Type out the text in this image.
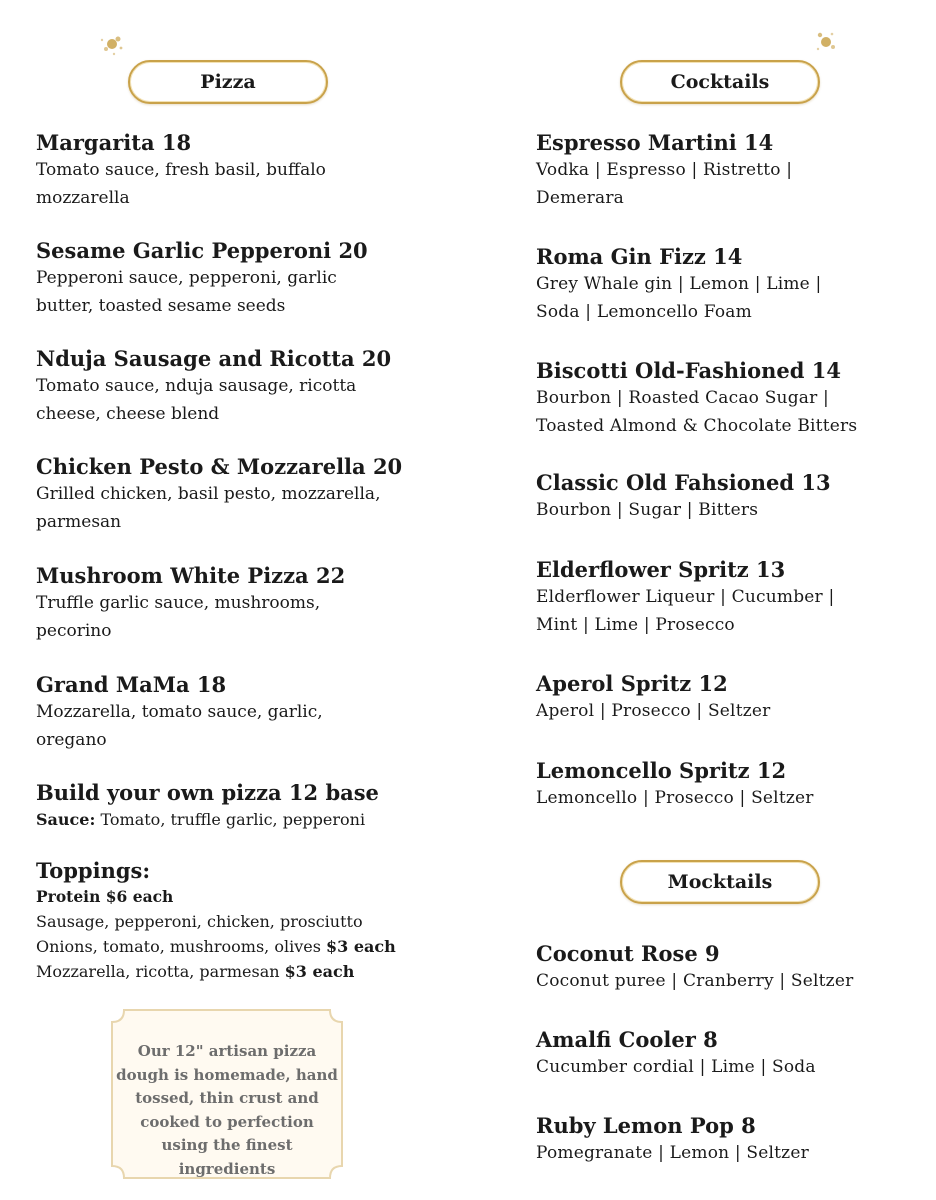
Pizza

Margarita 18

Tomato sauce, fresh basil, buffalo mozzarella

Sesame Garlic Pepperoni 20

Pepperoni sauce, pepperoni, garlic butter, toasted sesame seeds

Nduja Sausage and Ricotta 20

Tomato sauce, nduja sausage, ricotta cheese, cheese blend

Chicken Pesto & Mozzarella 20

Grilled chicken, basil pesto, mozzarella, parmesan

Mushroom White Pizza 22

Truffle garlic sauce, mushrooms, pecorino

Grand MaMa 18

Mozzarella, tomato sauce, garlic, oregano

Build your own pizza 12 base

Sauce: Tomato, truffle garlic, pepperoni

Toppings:

Protein $6 each

Sausage, pepperoni, chicken, prosciutto

Onions, tomato, mushrooms, olives $3 each

Mozzarella, ricotta, parmesan $3 each

Our 12" artisan pizza dough is homemade, hand tossed, thin crust and cooked to perfection using the finest ingredients
Cocktails

Espresso Martini 14

Vodka | Espresso | Ristretto | Demerara

Roma Gin Fizz 14

Grey Whale gin | Lemon | Lime | Soda | Lemoncello Foam

Biscotti Old-Fashioned 14

Bourbon | Roasted Cacao Sugar | Toasted Almond & Chocolate Bitters

Classic Old Fahsioned 13

Bourbon | Sugar | Bitters

Elderflower Spritz 13

Elderflower Liqueur | Cucumber | Mint | Lime | Prosecco

Aperol Spritz 12

Aperol | Prosecco | Seltzer

Lemoncello Spritz 12

Lemoncello | Prosecco | Seltzer

Coconut Rose 9

Coconut puree | Cranberry | Seltzer

Amalfi Cooler 8

Cucumber cordial | Lime | Soda

Ruby Lemon Pop 8

Pomegranate | Lemon | Seltzer

Mocktails
